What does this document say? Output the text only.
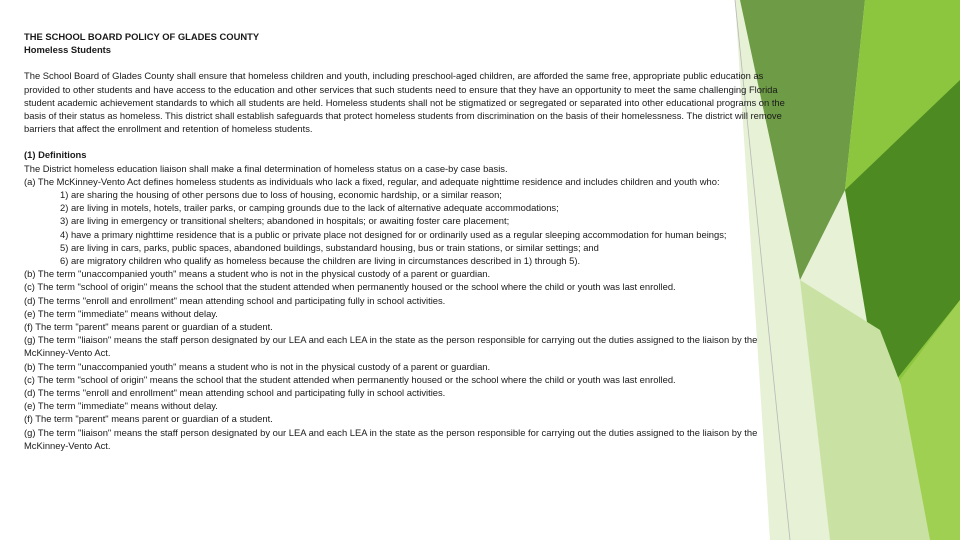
THE SCHOOL BOARD POLICY OF GLADES COUNTY
Homeless Students
The School Board of Glades County shall ensure that homeless children and youth, including preschool-aged children, are afforded the same free, appropriate public education as provided to other students and have access to the education and other services that such students need to ensure that they have an opportunity to meet the same challenging Florida student academic achievement standards to which all students are held. Homeless students shall not be stigmatized or segregated or separated into other educational programs on the basis of their status as homeless. This district shall establish safeguards that protect homeless students from discrimination on the basis of their homelessness. The district will remove barriers that affect the enrollment and retention of homeless students.
(1) Definitions
The District homeless education liaison shall make a final determination of homeless status on a case-by case basis.
(a) The McKinney-Vento Act defines homeless students as individuals who lack a fixed, regular, and adequate nighttime residence and includes children and youth who:
1) are sharing the housing of other persons due to loss of housing, economic hardship, or a similar reason;
2) are living in motels, hotels, trailer parks, or camping grounds due to the lack of alternative adequate accommodations;
3) are living in emergency or transitional shelters; abandoned in hospitals; or awaiting foster care placement;
4) have a primary nighttime residence that is a public or private place not designed for or ordinarily used as a regular sleeping accommodation for human beings;
5) are living in cars, parks, public spaces, abandoned buildings, substandard housing, bus or train stations, or similar settings; and
6) are migratory children who qualify as homeless because the children are living in circumstances described in 1) through 5).
(b) The term "unaccompanied youth" means a student who is not in the physical custody of a parent or guardian.
(c) The term "school of origin" means the school that the student attended when permanently housed or the school where the child or youth was last enrolled.
(d) The terms "enroll and enrollment" mean attending school and participating fully in school activities.
(e) The term "immediate" means without delay.
(f) The term "parent" means parent or guardian of a student.
(g) The term "liaison" means the staff person designated by our LEA and each LEA in the state as the person responsible for carrying out the duties assigned to the liaison by the McKinney-Vento Act.
(b) The term "unaccompanied youth" means a student who is not in the physical custody of a parent or guardian.
(c) The term "school of origin" means the school that the student attended when permanently housed or the school where the child or youth was last enrolled.
(d) The terms "enroll and enrollment" mean attending school and participating fully in school activities.
(e) The term "immediate" means without delay.
(f) The term "parent" means parent or guardian of a student.
(g) The term "liaison" means the staff person designated by our LEA and each LEA in the state as the person responsible for carrying out the duties assigned to the liaison by the McKinney-Vento Act.
